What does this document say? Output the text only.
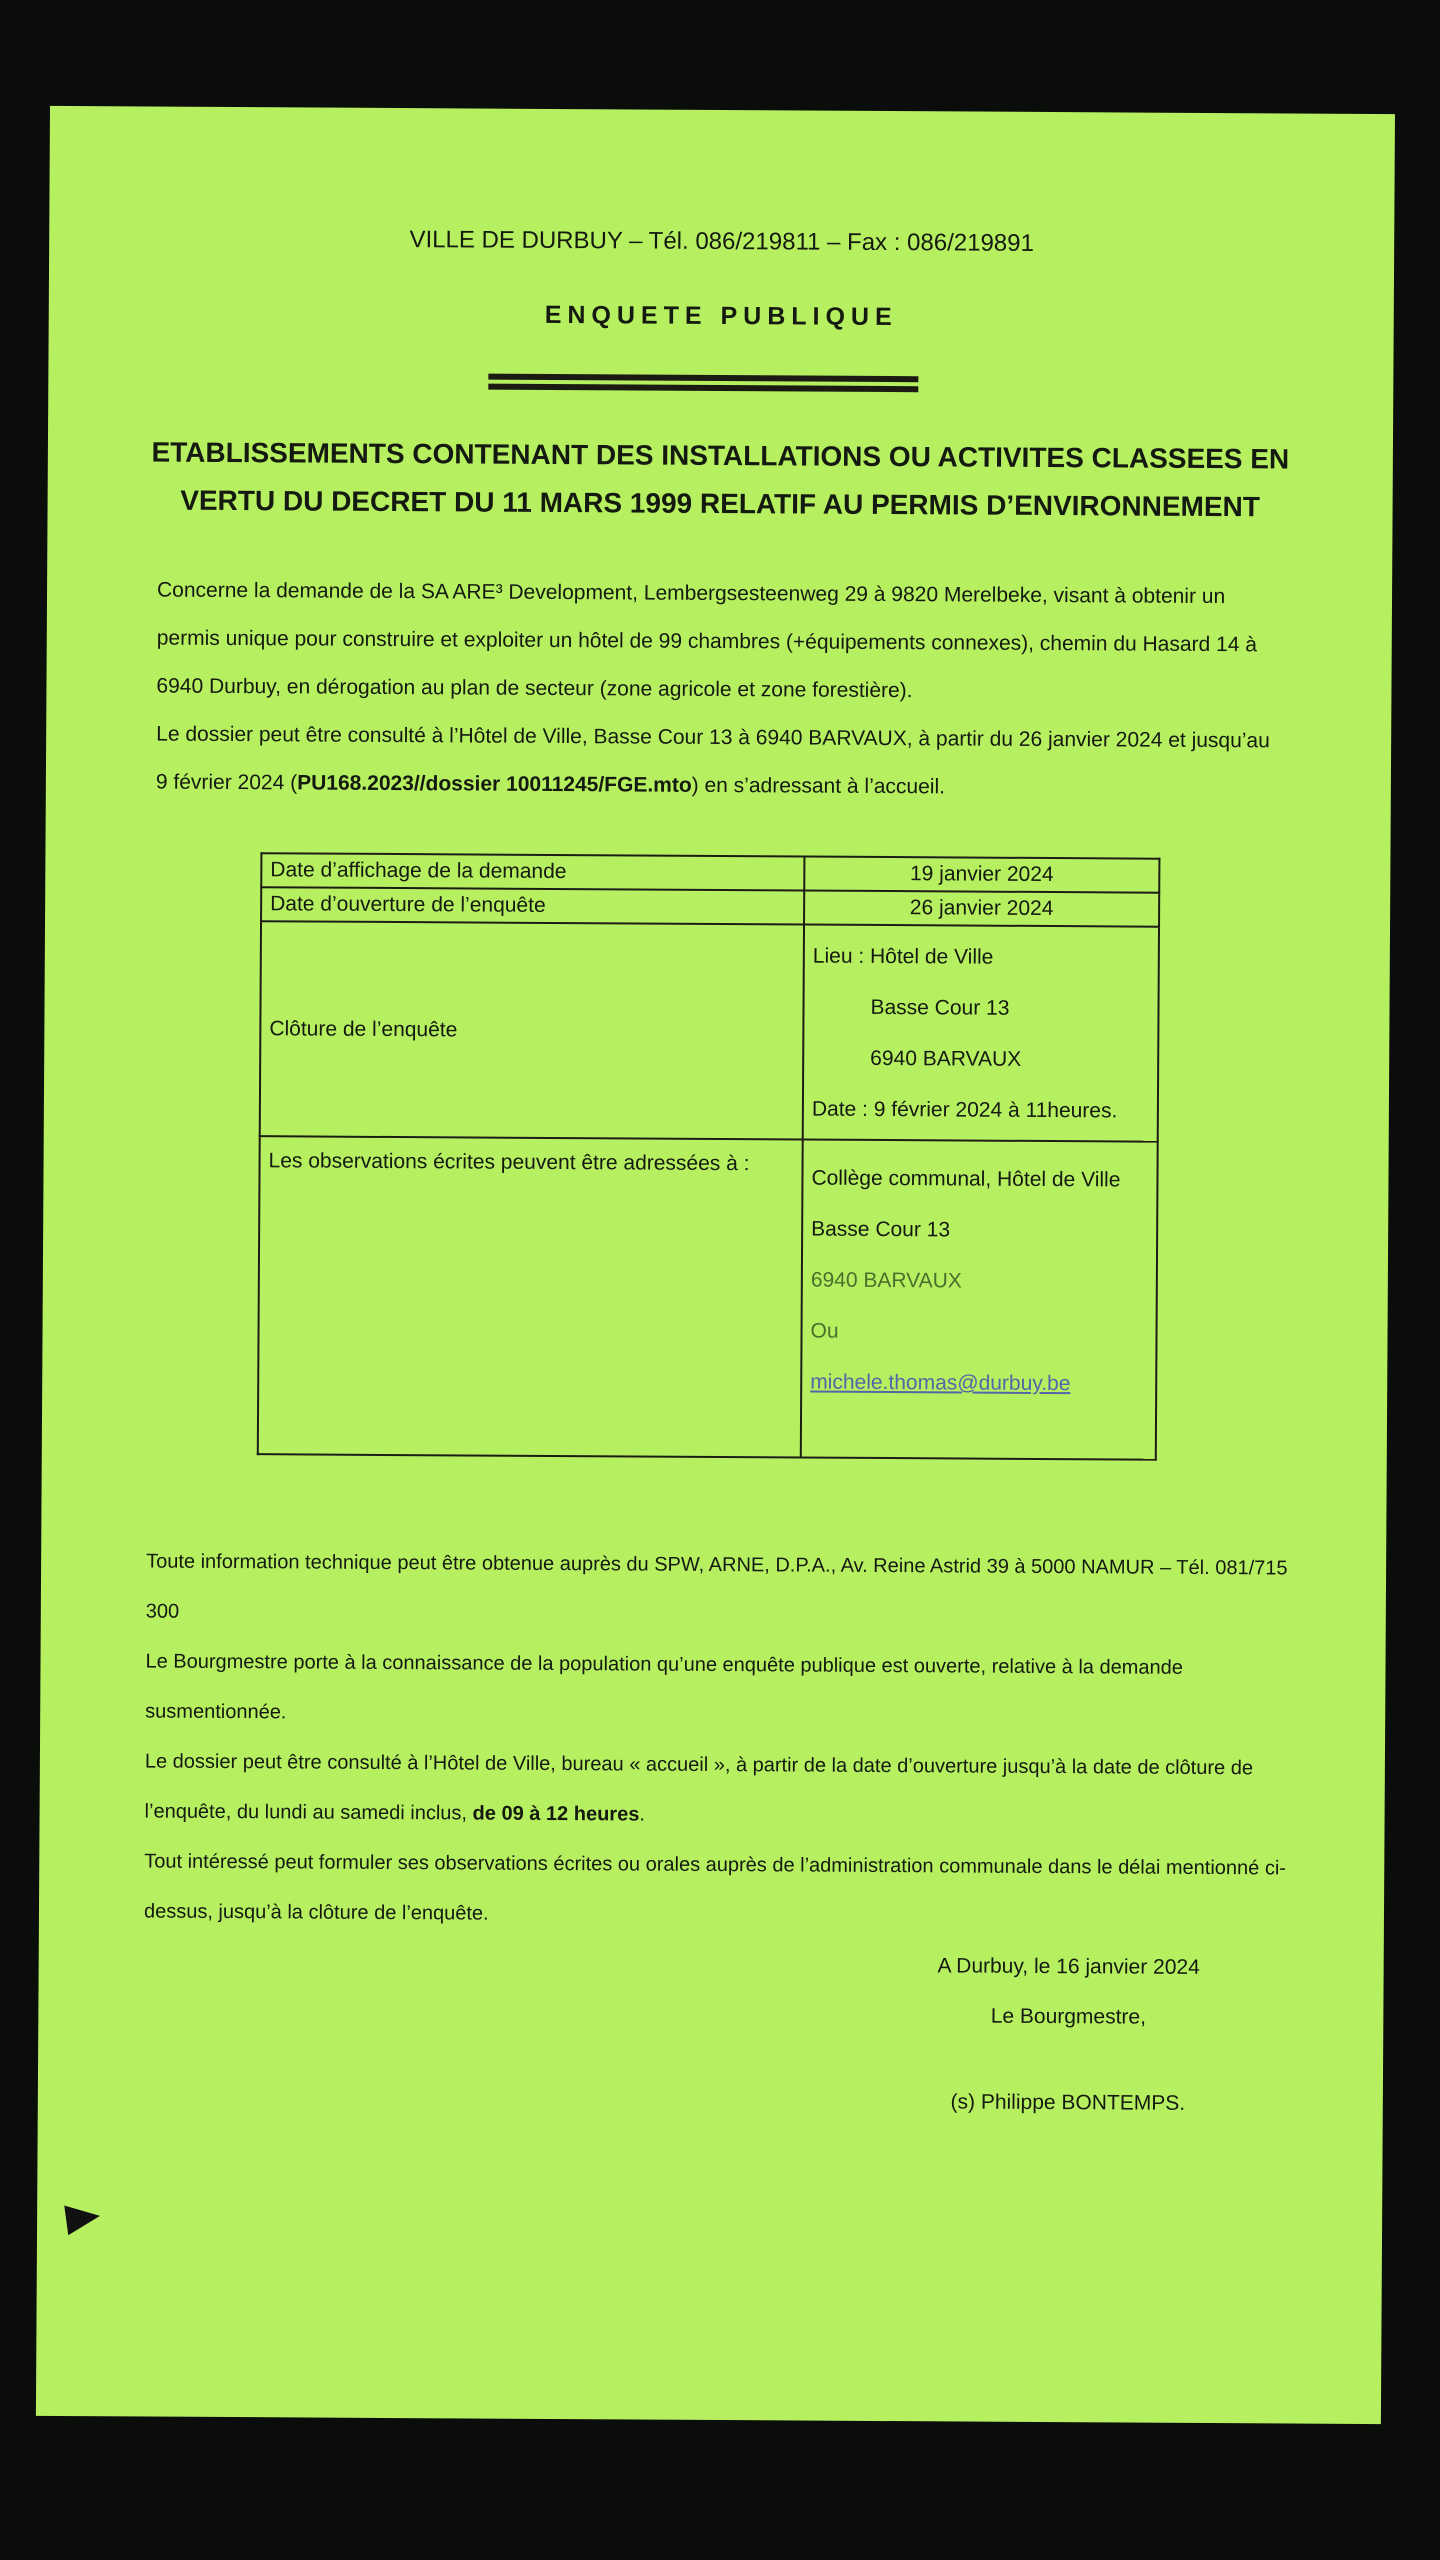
VILLE DE DURBUY – Tél. 086/219811 – Fax : 086/219891
ENQUETE PUBLIQUE
ETABLISSEMENTS CONTENANT DES INSTALLATIONS OU ACTIVITES CLASSEES EN
VERTU DU DECRET DU 11 MARS 1999 RELATIF AU PERMIS D’ENVIRONNEMENT

Concerne la demande de la SA ARE³ Development, Lembergsesteenweg 29 à 9820 Merelbeke, visant à obtenir un permis unique pour construire et exploiter un hôtel de 99 chambres (+équipements connexes), chemin du Hasard 14 à 6940 Durbuy, en dérogation au plan de secteur (zone agricole et zone forestière).

Le dossier peut être consulté à l’Hôtel de Ville, Basse Cour 13 à 6940 BARVAUX, à partir du 26 janvier 2024 et jusqu’au 9 février 2024 (PU168.2023//dossier 10011245/FGE.mto) en s’adressant à l’accueil.

Date d’affichage de la demande	19 janvier 2024
Date d’ouverture de l’enquête	26 janvier 2024
Clôture de l’enquête	Lieu : Hôtel de Ville
Basse Cour 13
6940 BARVAUX
Date : 9 février 2024 à 11heures.

Les observations écrites peuvent être adressées à :	Collège communal, Hôtel de Ville
Basse Cour 13
6940 BARVAUX
Ou
michele.thomas@durbuy.be

Toute information technique peut être obtenue auprès du SPW, ARNE, D.P.A., Av. Reine Astrid 39 à 5000 NAMUR – Tél. 081/715 300

Le Bourgmestre porte à la connaissance de la population qu’une enquête publique est ouverte, relative à la demande susmentionnée.

Le dossier peut être consulté à l’Hôtel de Ville, bureau « accueil », à partir de la date d’ouverture jusqu’à la date de clôture de l’enquête, du lundi au samedi inclus, de 09 à 12 heures.

Tout intéressé peut formuler ses observations écrites ou orales auprès de l’administration communale dans le délai mentionné ci-dessus, jusqu’à la clôture de l’enquête.

A Durbuy, le 16 janvier 2024
Le Bourgmestre,
(s) Philippe BONTEMPS.
